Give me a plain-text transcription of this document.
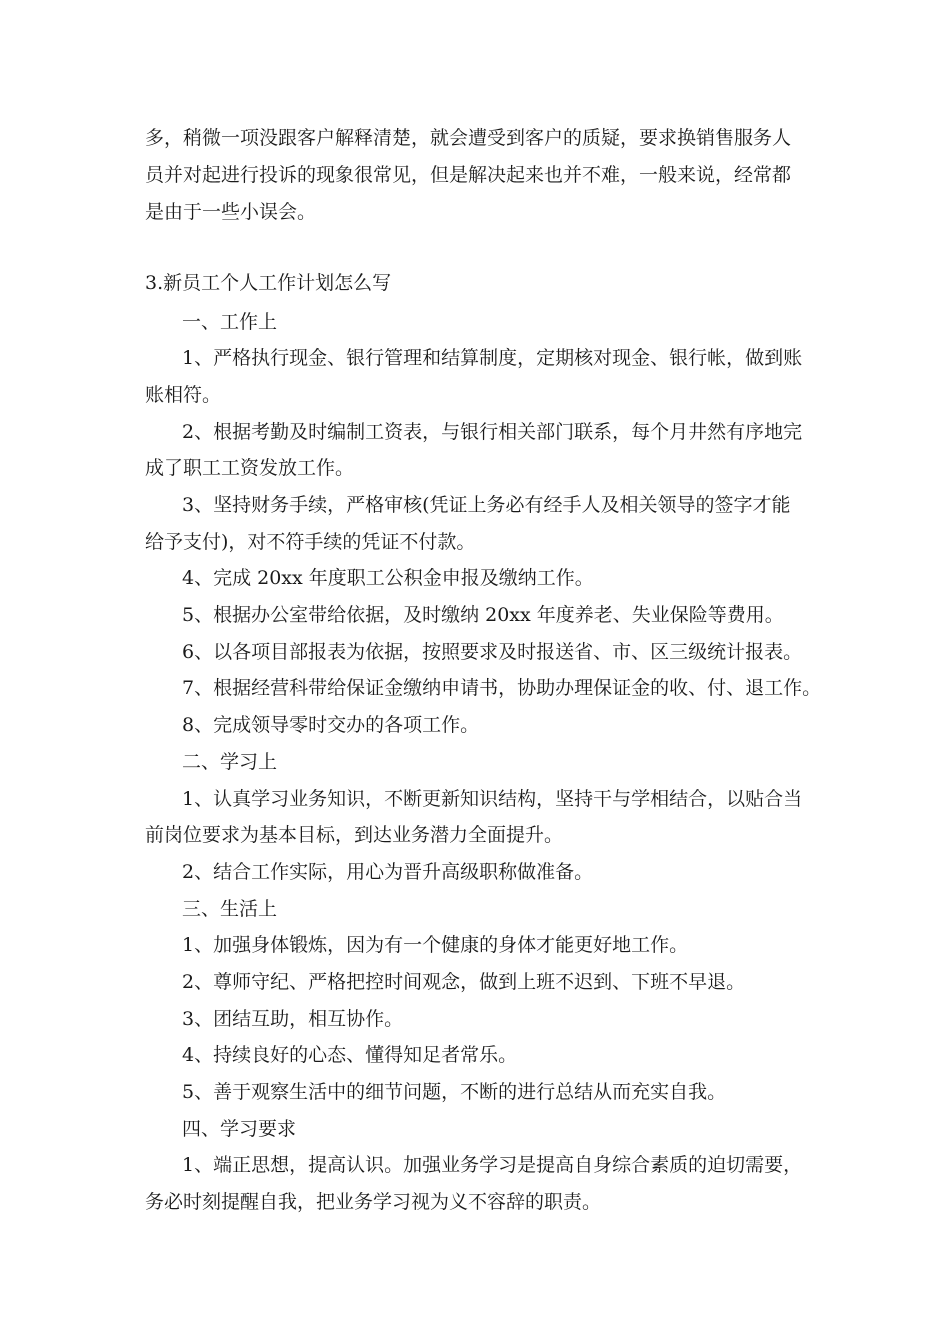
多，稍微一项没跟客户解释清楚，就会遭受到客户的质疑，要求换销售服务人
员并对起进行投诉的现象很常见，但是解决起来也并不难，一般来说，经常都
是由于一些小误会。
3.新员工个人工作计划怎么写
一、工作上
1、严格执行现金、银行管理和结算制度，定期核对现金、银行帐，做到账
账相符。
2、根据考勤及时编制工资表，与银行相关部门联系，每个月井然有序地完
成了职工工资发放工作。
3、坚持财务手续，严格审核(凭证上务必有经手人及相关领导的签字才能
给予支付)，对不符手续的凭证不付款。
4、完成 20xx 年度职工公积金申报及缴纳工作。
5、根据办公室带给依据，及时缴纳 20xx 年度养老、失业保险等费用。
6、以各项目部报表为依据，按照要求及时报送省、市、区三级统计报表。
7、根据经营科带给保证金缴纳申请书，协助办理保证金的收、付、退工作。
8、完成领导零时交办的各项工作。
二、学习上
1、认真学习业务知识，不断更新知识结构，坚持干与学相结合，以贴合当
前岗位要求为基本目标，到达业务潜力全面提升。
2、结合工作实际，用心为晋升高级职称做准备。
三、生活上
1、加强身体锻炼，因为有一个健康的身体才能更好地工作。
2、尊师守纪、严格把控时间观念，做到上班不迟到、下班不早退。
3、团结互助，相互协作。
4、持续良好的心态、懂得知足者常乐。
5、善于观察生活中的细节问题，不断的进行总结从而充实自我。
四、学习要求
1、端正思想，提高认识。加强业务学习是提高自身综合素质的迫切需要，
务必时刻提醒自我，把业务学习视为义不容辞的职责。
